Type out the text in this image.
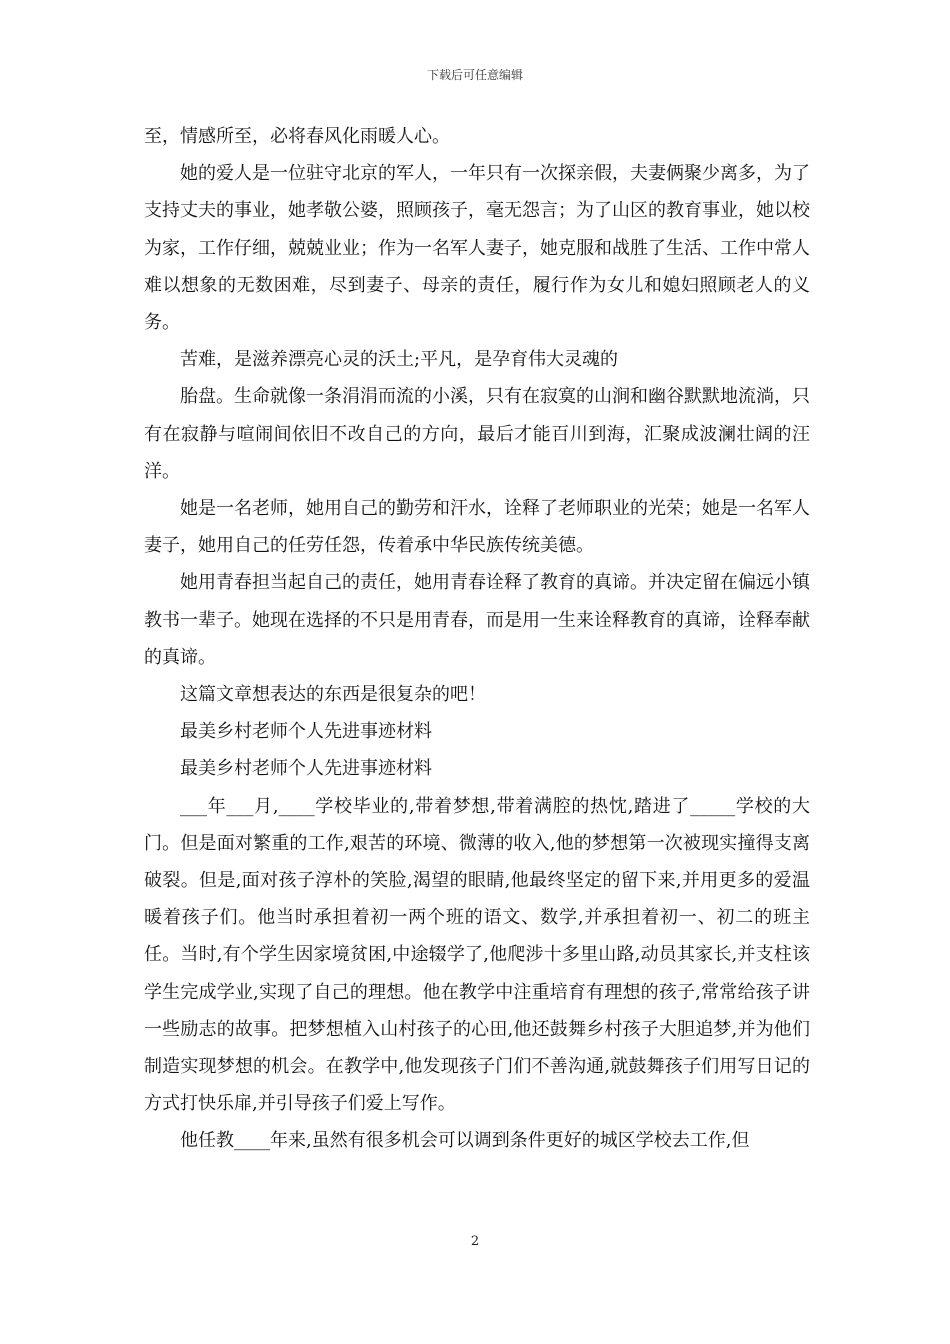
下载后可任意编辑

至，情感所至，必将春风化雨暖人心。

她的爱人是一位驻守北京的军人，一年只有一次探亲假，夫妻俩聚少离多，为了支持丈夫的事业，她孝敬公婆，照顾孩子，毫无怨言；为了山区的教育事业，她以校为家，工作仔细，兢兢业业；作为一名军人妻子，她克服和战胜了生活、工作中常人难以想象的无数困难，尽到妻子、母亲的责任，履行作为女儿和媳妇照顾老人的义务。

苦难，是滋养漂亮心灵的沃土;平凡，是孕育伟大灵魂的

胎盘。生命就像一条涓涓而流的小溪，只有在寂寞的山涧和幽谷默默地流淌，只有在寂静与喧闹间依旧不改自己的方向，最后才能百川到海，汇聚成波澜壮阔的汪洋。

她是一名老师，她用自己的勤劳和汗水，诠释了老师职业的光荣；她是一名军人妻子，她用自己的任劳任怨，传着承中华民族传统美德。

她用青春担当起自己的责任，她用青春诠释了教育的真谛。并决定留在偏远小镇教书一辈子。她现在选择的不只是用青春，而是用一生来诠释教育的真谛，诠释奉献的真谛。

这篇文章想表达的东西是很复杂的吧！

最美乡村老师个人先进事迹材料

最美乡村老师个人先进事迹材料

___年___月,____学校毕业的,带着梦想,带着满腔的热忱,踏进了_____学校的大门。但是面对繁重的工作,艰苦的环境、微薄的收入,他的梦想第一次被现实撞得支离破裂。但是,面对孩子淳朴的笑脸,渴望的眼睛,他最终坚定的留下来,并用更多的爱温暖着孩子们。他当时承担着初一两个班的语文、数学,并承担着初一、初二的班主任。当时,有个学生因家境贫困,中途辍学了,他爬涉十多里山路,动员其家长,并支柱该学生完成学业,实现了自己的理想。他在教学中注重培育有理想的孩子,常常给孩子讲一些励志的故事。把梦想植入山村孩子的心田,他还鼓舞乡村孩子大胆追梦,并为他们制造实现梦想的机会。在教学中,他发现孩子门们不善沟通,就鼓舞孩子们用写日记的方式打快乐扉,并引导孩子们爱上写作。

他任教____年来,虽然有很多机会可以调到条件更好的城区学校去工作,但

2
